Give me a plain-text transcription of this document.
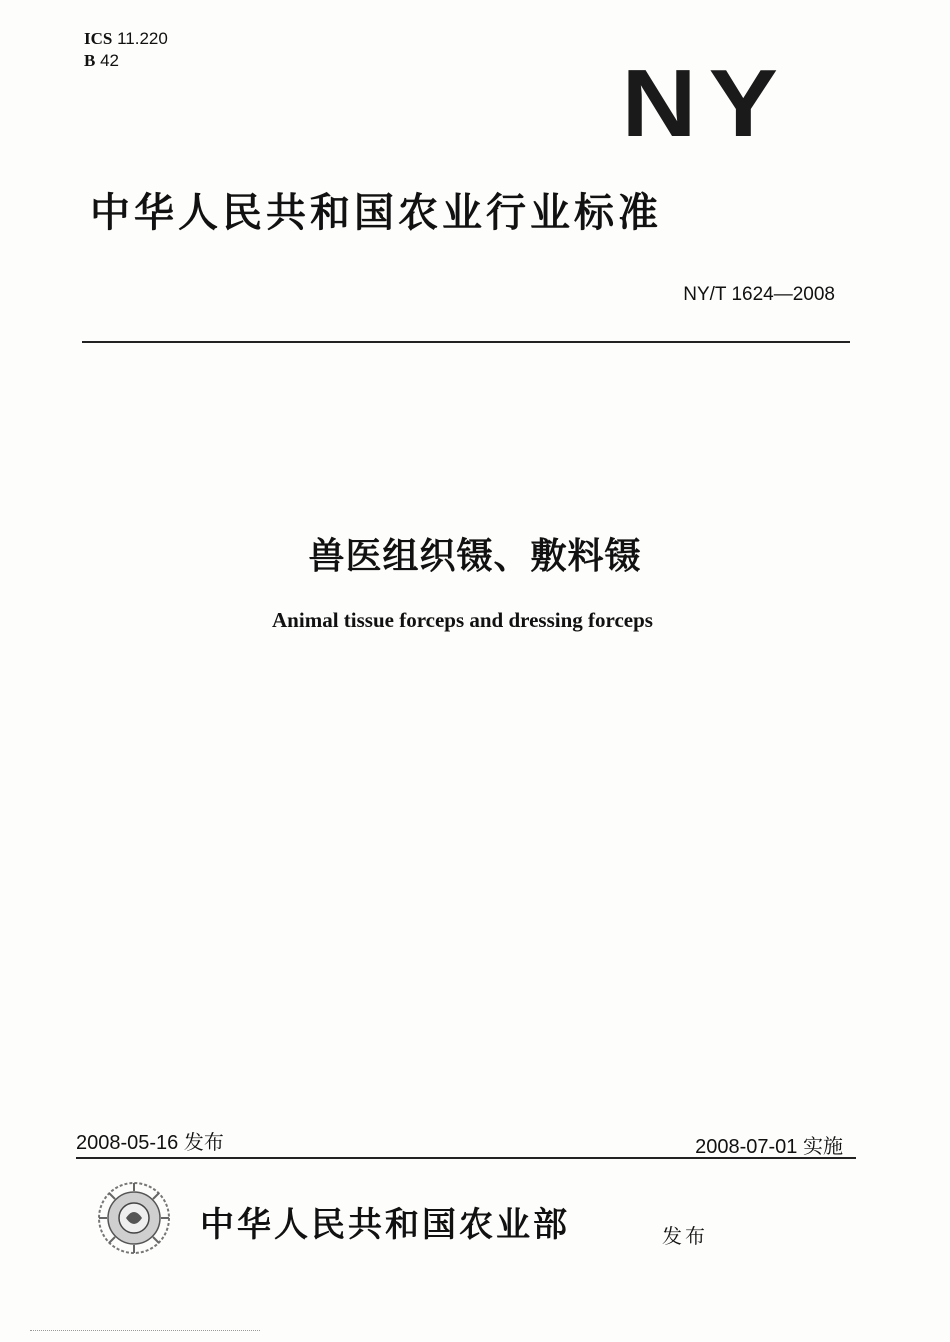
ICS 11.220
B 42	NY
中华人民共和国农业行业标准
NY/T 1624—2008
兽医组织镊、敷料镊
Animal tissue forceps and dressing forceps
2008-05-16 发布	2008-07-01 实施
中华人民共和国农业部	发布
